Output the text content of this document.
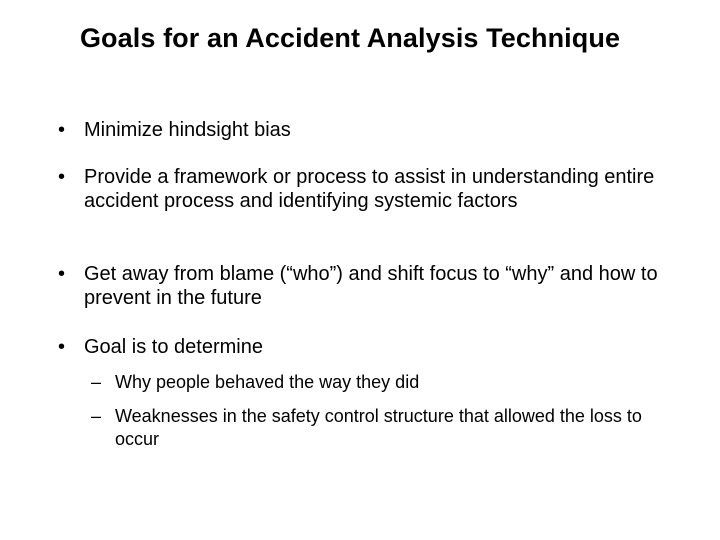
Goals for an Accident Analysis Technique
• Minimize hindsight bias
• Provide a framework or process to assist in understanding entire accident process and identifying systemic factors
• Get away from blame (“who”) and shift focus to “why” and how to prevent in the future
• Goal is to determine
– Why people behaved the way they did
– Weaknesses in the safety control structure that allowed the loss to occur
